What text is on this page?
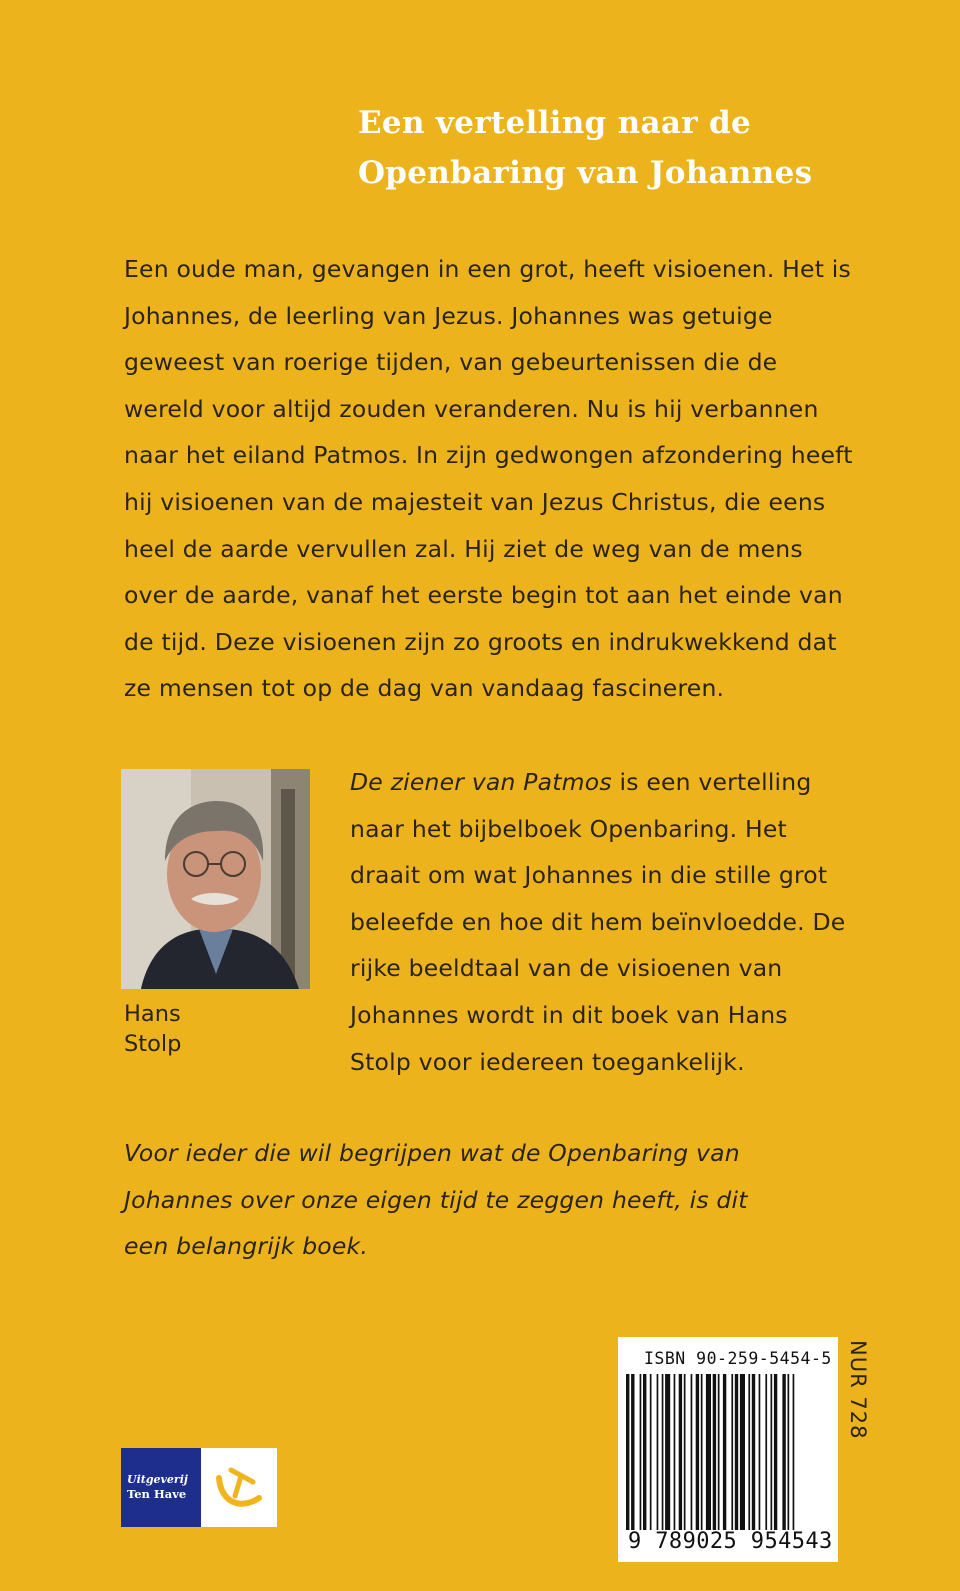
Een vertelling naar de
Openbaring van Johannes
Een oude man, gevangen in een grot, heeft visioenen. Het is
Johannes, de leerling van Jezus. Johannes was getuige
geweest van roerige tijden, van gebeurtenissen die de
wereld voor altijd zouden veranderen. Nu is hij verbannen
naar het eiland Patmos. In zijn gedwongen afzondering heeft
hij visioenen van de majesteit van Jezus Christus, die eens
heel de aarde vervullen zal. Hij ziet de weg van de mens
over de aarde, vanaf het eerste begin tot aan het einde van
de tijd. Deze visioenen zijn zo groots en indrukwekkend dat
ze mensen tot op de dag van vandaag fascineren.
Hans
Stolp
De ziener van Patmos is een vertelling
naar het bijbelboek Openbaring. Het
draait om wat Johannes in die stille grot
beleefde en hoe dit hem beïnvloedde. De
rijke beeldtaal van de visioenen van
Johannes wordt in dit boek van Hans
Stolp voor iedereen toegankelijk.
Voor ieder die wil begrijpen wat de Openbaring van
Johannes over onze eigen tijd te zeggen heeft, is dit
een belangrijk boek.
ISBN 90-259-5454-5
9 789025 954543
NUR 728
Uitgeverij
Ten Have
